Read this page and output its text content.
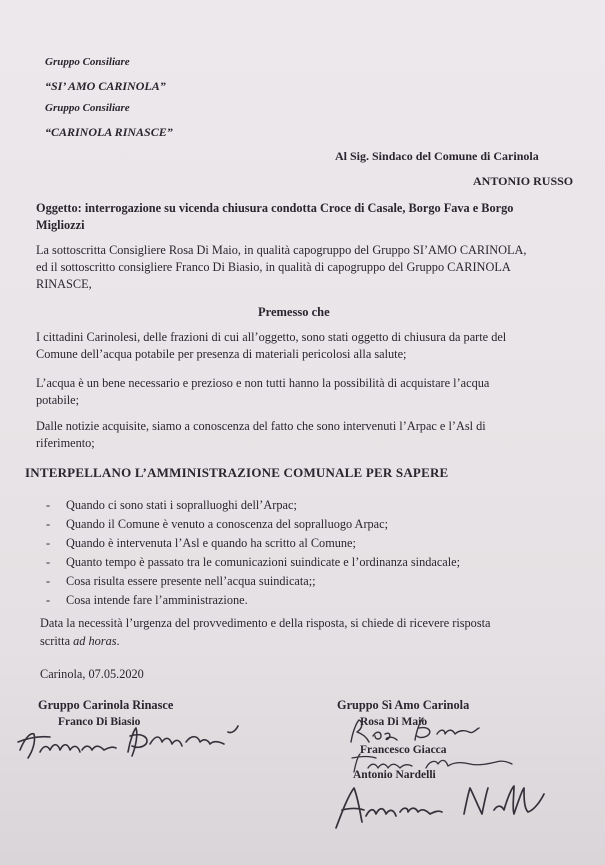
Gruppo Consiliare
“SI’ AMO CARINOLA”
Gruppo Consiliare
“CARINOLA RINASCE”
Al Sig. Sindaco del Comune di Carinola
ANTONIO RUSSO
Oggetto: interrogazione su vicenda chiusura condotta Croce di Casale, Borgo Fava e Borgo
Migliozzi
La sottoscritta Consigliere Rosa Di Maio, in qualità capogruppo del Gruppo SI’AMO CARINOLA,
ed il sottoscritto consigliere Franco Di Biasio, in qualità di capogruppo del Gruppo CARINOLA
RINASCE,
Premesso che
I cittadini Carinolesi, delle frazioni di cui all’oggetto, sono stati oggetto di chiusura da parte del
Comune dell’acqua potabile per presenza di materiali pericolosi alla salute;
L’acqua è un bene necessario e prezioso e non tutti hanno la possibilità di acquistare l’acqua
potabile;
Dalle notizie acquisite, siamo a conoscenza del fatto che sono intervenuti l’Arpac e l’Asl di
riferimento;
INTERPELLANO L’AMMINISTRAZIONE COMUNALE PER SAPERE
- Quando ci sono stati i sopralluoghi dell’Arpac;
- Quando il Comune è venuto a conoscenza del sopralluogo Arpac;
- Quando è intervenuta l’Asl e quando ha scritto al Comune;
- Quanto tempo è passato tra le comunicazioni suindicate e l’ordinanza sindacale;
- Cosa risulta essere presente nell’acqua suindicata;;
- Cosa intende fare l’amministrazione.
Data la necessità l’urgenza del provvedimento e della risposta, si chiede di ricevere risposta
scritta ad horas.
Carinola, 07.05.2020
Gruppo Carinola Rinasce
Franco Di Biasio
Gruppo Sì Amo Carinola
Rosa Di Maio
Francesco Giacca
Antonio Nardelli
